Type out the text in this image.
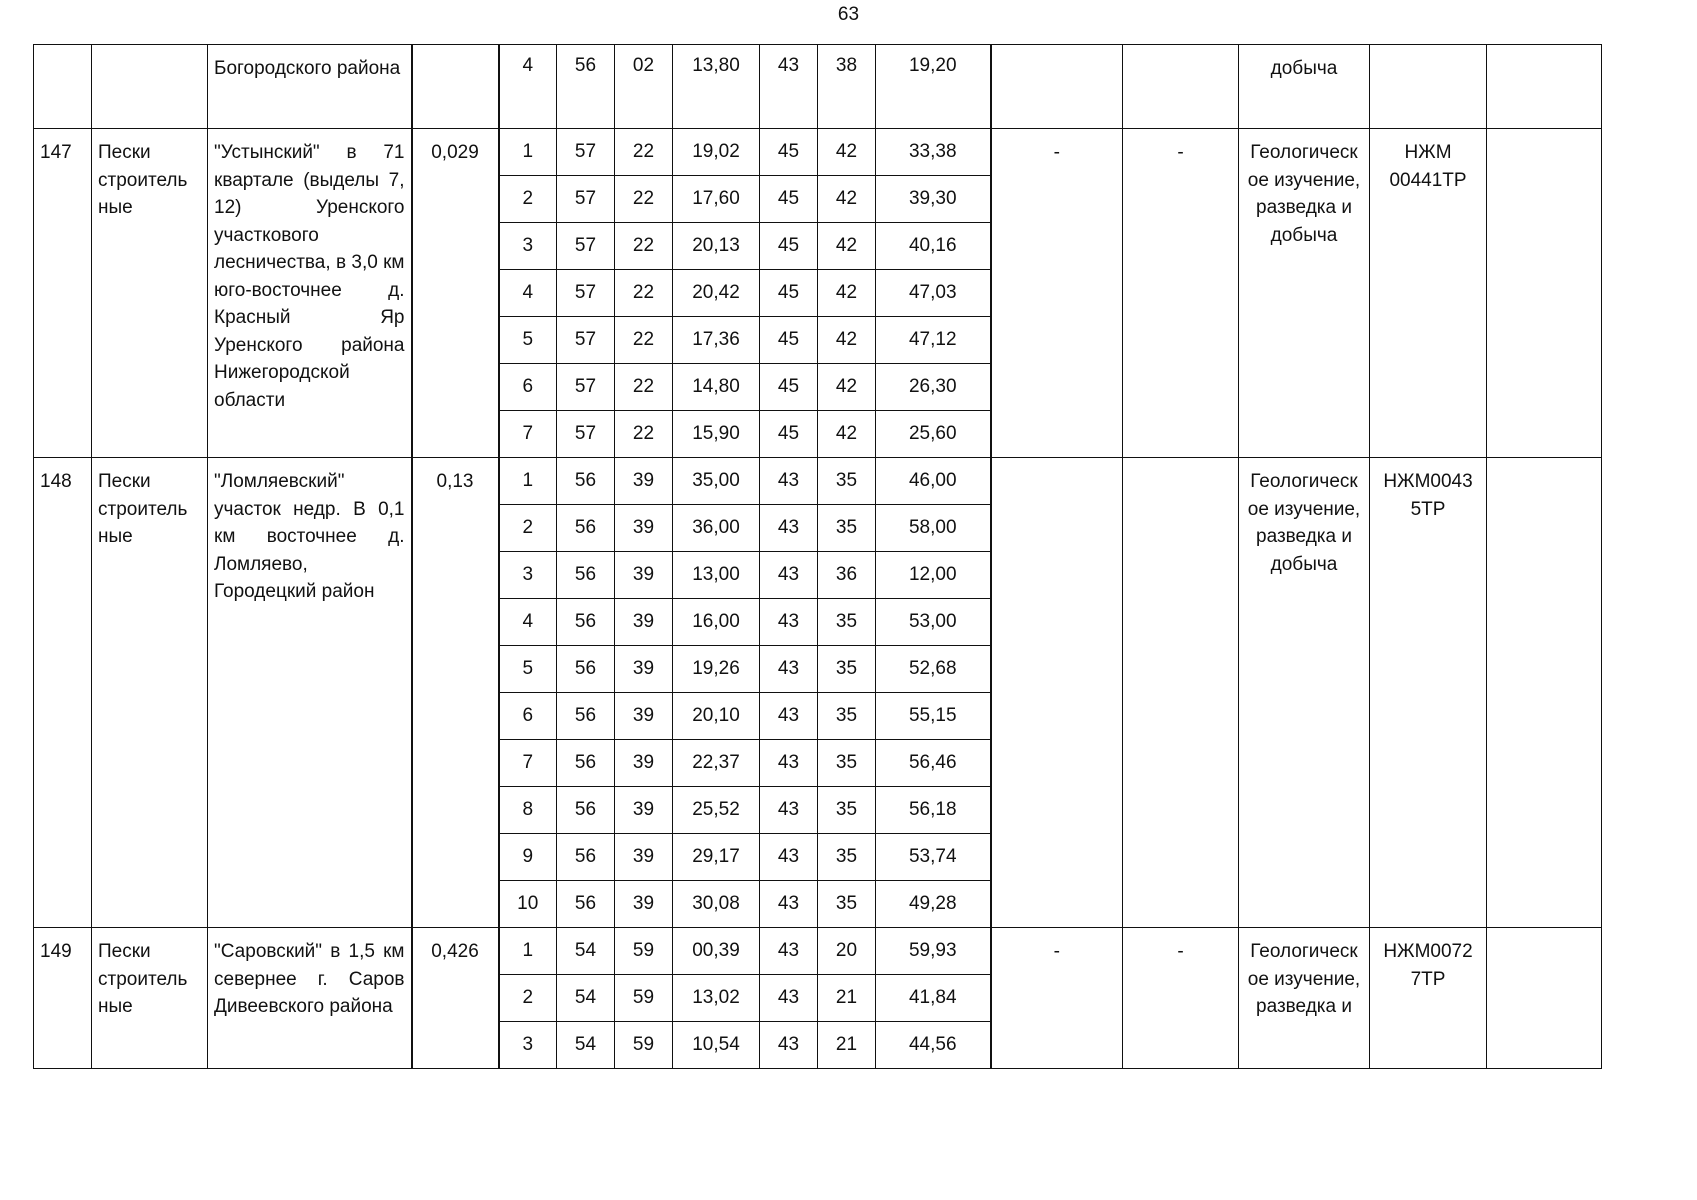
63
		Богородского района		4	56	02	13,80	43	38	19,20			добыча		
147	Пески строитель ные	"Устынский" в 71 квартале (выделы 7, 12) Уренского участкового лесничества, в 3,0 км юго-восточнее д. Красный Яр Уренского района Нижегородской области	0,029	1	57	22	19,02	45	42	33,38	-	-	Геологическ ое изучение, разведка и добыча	НЖМ 00441ТР	
				2	57	22	17,60	45	42	39,30					
				3	57	22	20,13	45	42	40,16					
				4	57	22	20,42	45	42	47,03					
				5	57	22	17,36	45	42	47,12					
				6	57	22	14,80	45	42	26,30					
				7	57	22	15,90	45	42	25,60					
148	Пески строитель ные	"Ломляевский" участок недр. В 0,1 км восточнее д. Ломляево, Городецкий район	0,13	1	56	39	35,00	43	35	46,00			Геологическ ое изучение, разведка и добыча	НЖМ0043 5ТР	
				2	56	39	36,00	43	35	58,00					
				3	56	39	13,00	43	36	12,00					
				4	56	39	16,00	43	35	53,00					
				5	56	39	19,26	43	35	52,68					
				6	56	39	20,10	43	35	55,15					
				7	56	39	22,37	43	35	56,46					
				8	56	39	25,52	43	35	56,18					
				9	56	39	29,17	43	35	53,74					
				10	56	39	30,08	43	35	49,28					
149	Пески строитель ные	"Саровский" в 1,5 км севернее г. Саров Дивеевского района	0,426	1	54	59	00,39	43	20	59,93	-	-	Геологическ ое изучение, разведка и	НЖМ0072 7ТР	
				2	54	59	13,02	43	21	41,84					
				3	54	59	10,54	43	21	44,56					
